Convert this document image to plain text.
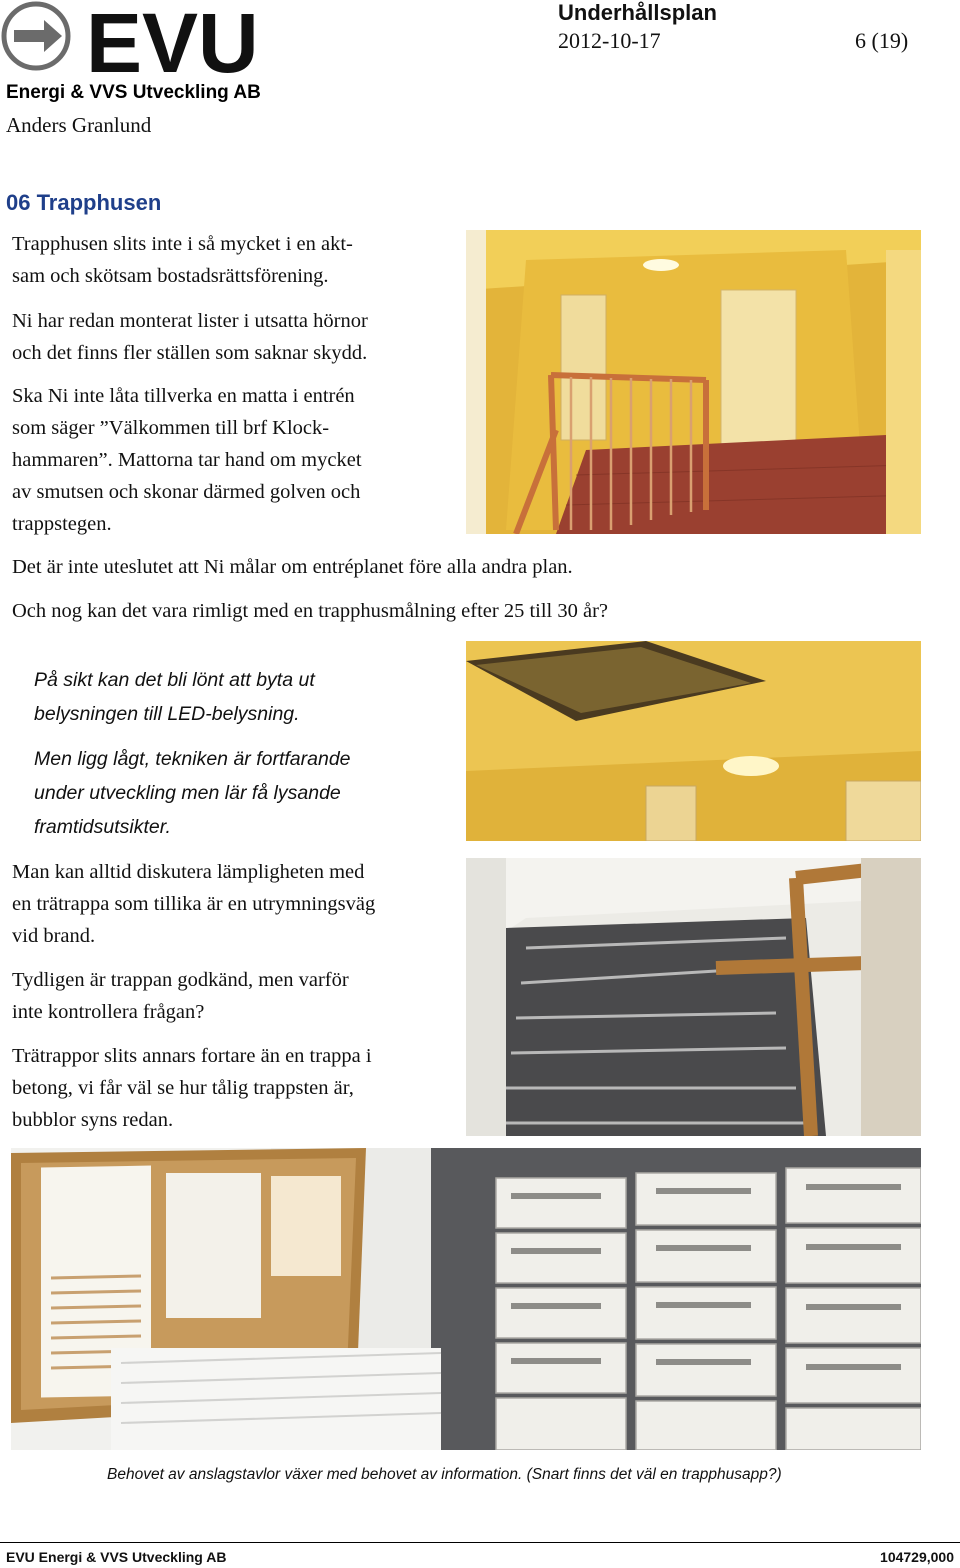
EVU
Energi & VVS Utveckling AB
Anders Granlund
Underhållsplan
2012-10-17	6 (19)
06 Trapphusen
Trapphusen slits inte i så mycket i en akt-
sam och skötsam bostadsrättsförening.
Ni har redan monterat lister i utsatta hörnor
och det finns fler ställen som saknar skydd.
Ska Ni inte låta tillverka en matta i entrén
som säger ”Välkommen till brf Klock-
hammaren”. Mattorna tar hand om mycket
av smutsen och skonar därmed golven och
trappstegen.
Det är inte uteslutet att Ni målar om entréplanet före alla andra plan.
Och nog kan det vara rimligt med en trapphusmålning efter 25 till 30 år?
På sikt kan det bli lönt att byta ut
belysningen till LED-belysning.
Men ligg lågt, tekniken är fortfarande
under utveckling men lär få lysande
framtidsutsikter.
Man kan alltid diskutera lämpligheten med
en trätrappa som tillika är en utrymningsväg
vid brand.
Tydligen är trappan godkänd, men varför
inte kontrollera frågan?
Trätrappor slits annars fortare än en trappa i
betong, vi får väl se hur tålig trappsten är,
bubblor syns redan.
Behovet av anslagstavlor växer med behovet av information. (Snart finns det väl en trapphusapp?)
EVU Energi & VVS Utveckling AB	104729,000
